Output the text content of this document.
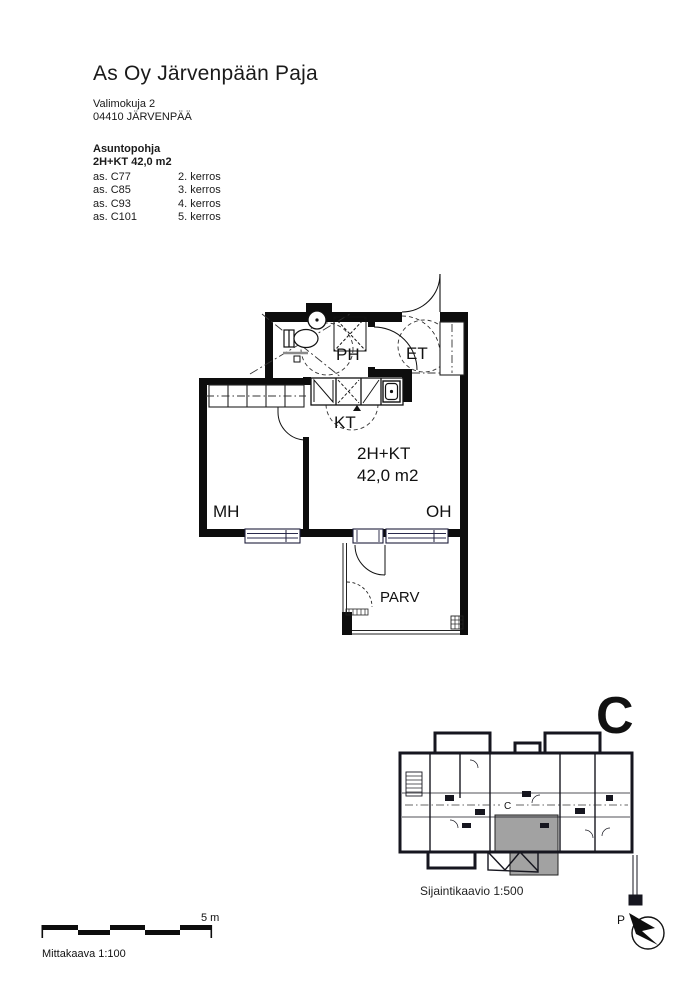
As Oy Järvenpään Paja
Valimokuja 2
04410 JÄRVENPÄÄ
Asuntopohja
2H+KT 42,0 m2
as. C77	2. kerros
as. C85	3. kerros
as. C93	4. kerros
as. C101	5. kerros
PH	ET
KT
2H+KT
42,0 m2
MH	OH
PARV
C
C
Sijaintikaavio 1:500
5 m
Mittakaava 1:100
P
